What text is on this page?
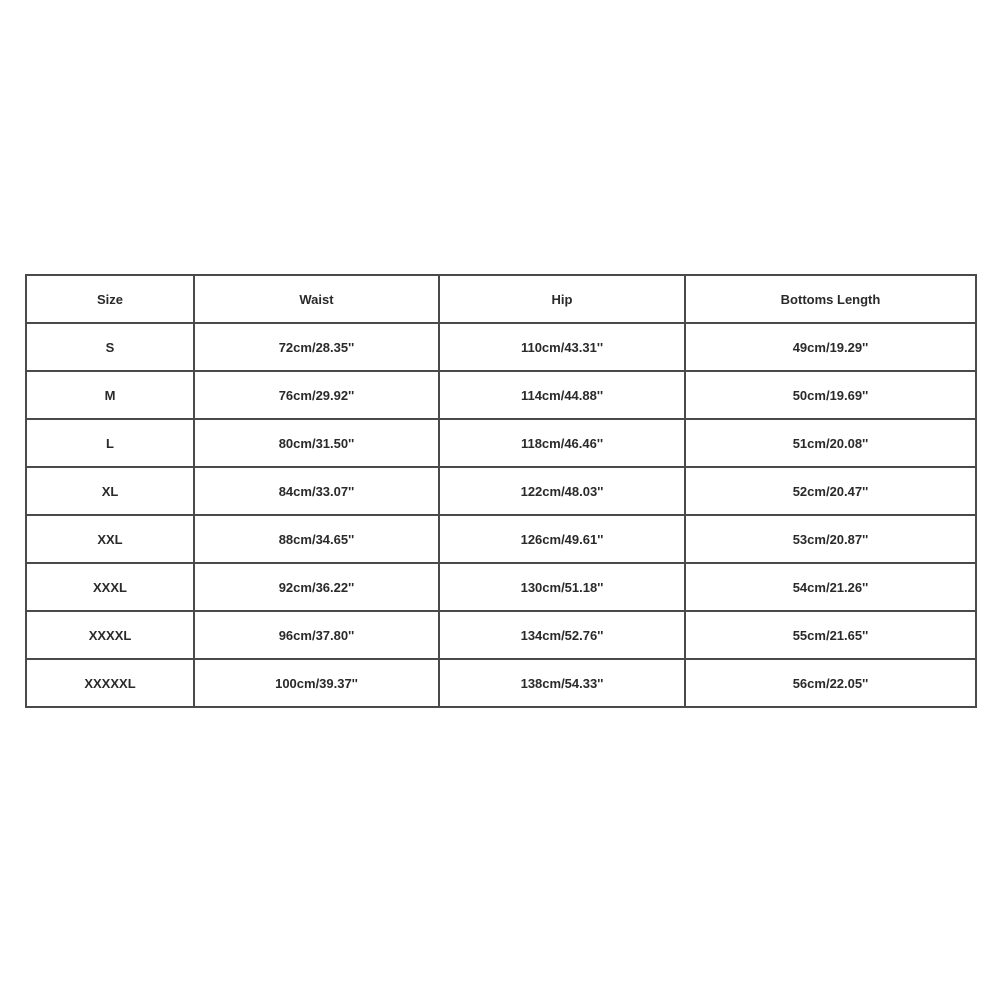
Size	Waist	Hip	Bottoms Length
S	72cm/28.35''	110cm/43.31''	49cm/19.29''
M	76cm/29.92''	114cm/44.88''	50cm/19.69''
L	80cm/31.50''	118cm/46.46''	51cm/20.08''
XL	84cm/33.07''	122cm/48.03''	52cm/20.47''
XXL	88cm/34.65''	126cm/49.61''	53cm/20.87''
XXXL	92cm/36.22''	130cm/51.18''	54cm/21.26''
XXXXL	96cm/37.80''	134cm/52.76''	55cm/21.65''
XXXXXL	100cm/39.37''	138cm/54.33''	56cm/22.05''
